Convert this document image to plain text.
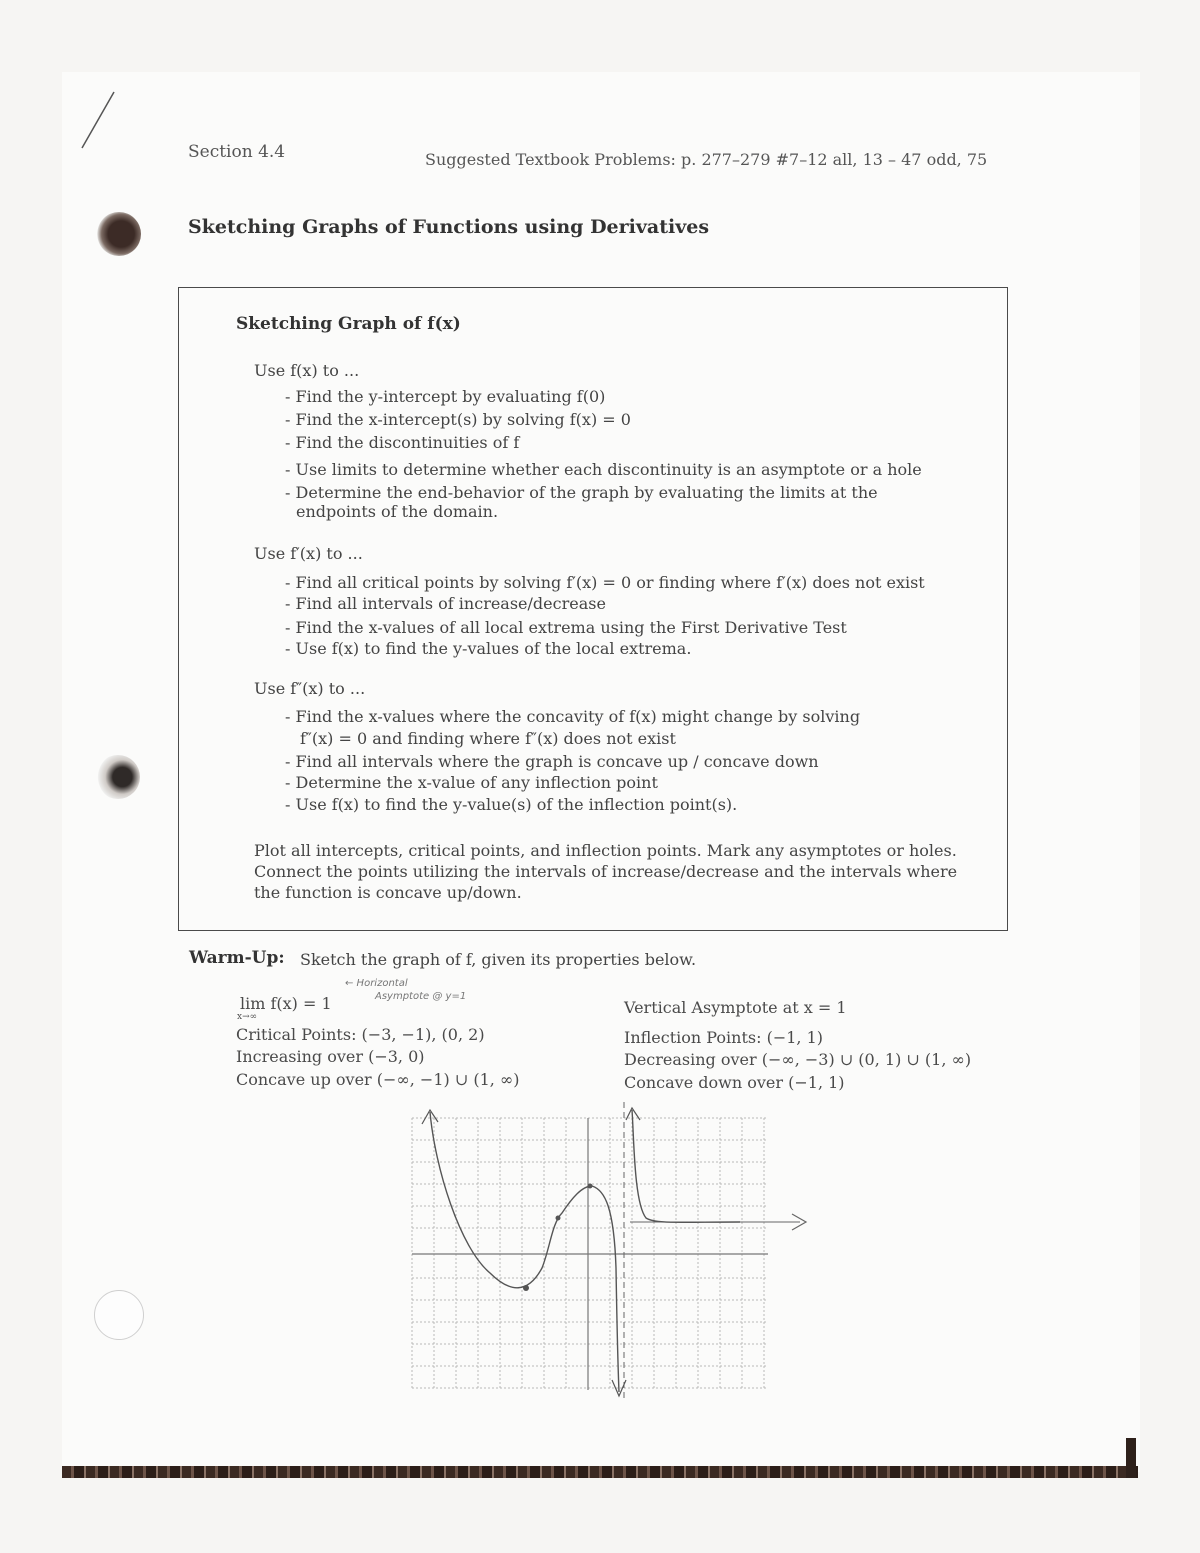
Section 4.4	Suggested Textbook Problems: p. 277–279 #7–12 all, 13 – 47 odd, 75
Sketching Graphs of Functions using Derivatives
Sketching Graph of f(x)
Use f(x) to ...
- Find the y-intercept by evaluating f(0)
- Find the x-intercept(s) by solving f(x) = 0
- Find the discontinuities of f
- Use limits to determine whether each discontinuity is an asymptote or a hole
- Determine the end-behavior of the graph by evaluating the limits at the
endpoints of the domain.
Use f′(x) to ...
- Find all critical points by solving f′(x) = 0 or finding where f′(x) does not exist
- Find all intervals of increase/decrease
- Find the x-values of all local extrema using the First Derivative Test
- Use f(x) to find the y-values of the local extrema.
Use f″(x) to ...
- Find the x-values where the concavity of f(x) might change by solving
f″(x) = 0 and finding where f″(x) does not exist
- Find all intervals where the graph is concave up / concave down
- Determine the x-value of any inflection point
- Use f(x) to find the y-value(s) of the inflection point(s).
Plot all intercepts, critical points, and inflection points. Mark any asymptotes or holes.
Connect the points utilizing the intervals of increase/decrease and the intervals where
the function is concave up/down.
Warm-Up: Sketch the graph of f, given its properties below.
lim f(x) = 1
x→∞
← Horizontal
Asymptote @ y=1
Critical Points: (−3, −1), (0, 2)
Increasing over (−3, 0)
Concave up over (−∞, −1) ∪ (1, ∞)
Vertical Asymptote at x = 1
Inflection Points: (−1, 1)
Decreasing over (−∞, −3) ∪ (0, 1) ∪ (1, ∞)
Concave down over (−1, 1)
